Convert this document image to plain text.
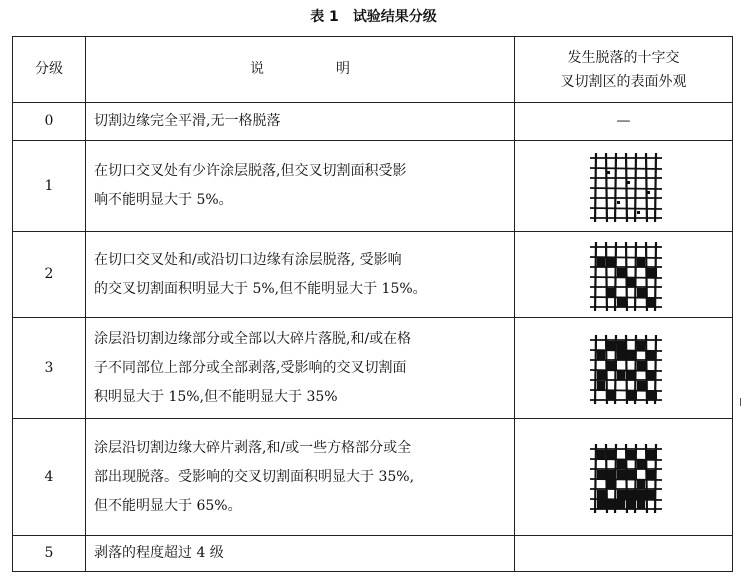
表 1 试验结果分级
分级	说 明	发生脱落的十字交
叉切割区的表面外观

0	切割边缘完全平滑,无一格脱落	—
1	在切口交叉处有少许涂层脱落,但交叉切割面积受影
响不能明显大于 5%。

2	在切口交叉处和/或沿切口边缘有涂层脱落, 受影响
的交叉切割面积明显大于 5%,但不能明显大于 15%。

3	涂层沿切割边缘部分或全部以大碎片落脱,和/或在格
子不同部位上部分或全部剥落,受影响的交叉切割面
积明显大于 15%,但不能明显大于 35%

4	涂层沿切割边缘大碎片剥落,和/或一些方格部分或全
部出现脱落。受影响的交叉切割面积明显大于 35%,
但不能明显大于 65%。

5	剥落的程度超过 4 级	
